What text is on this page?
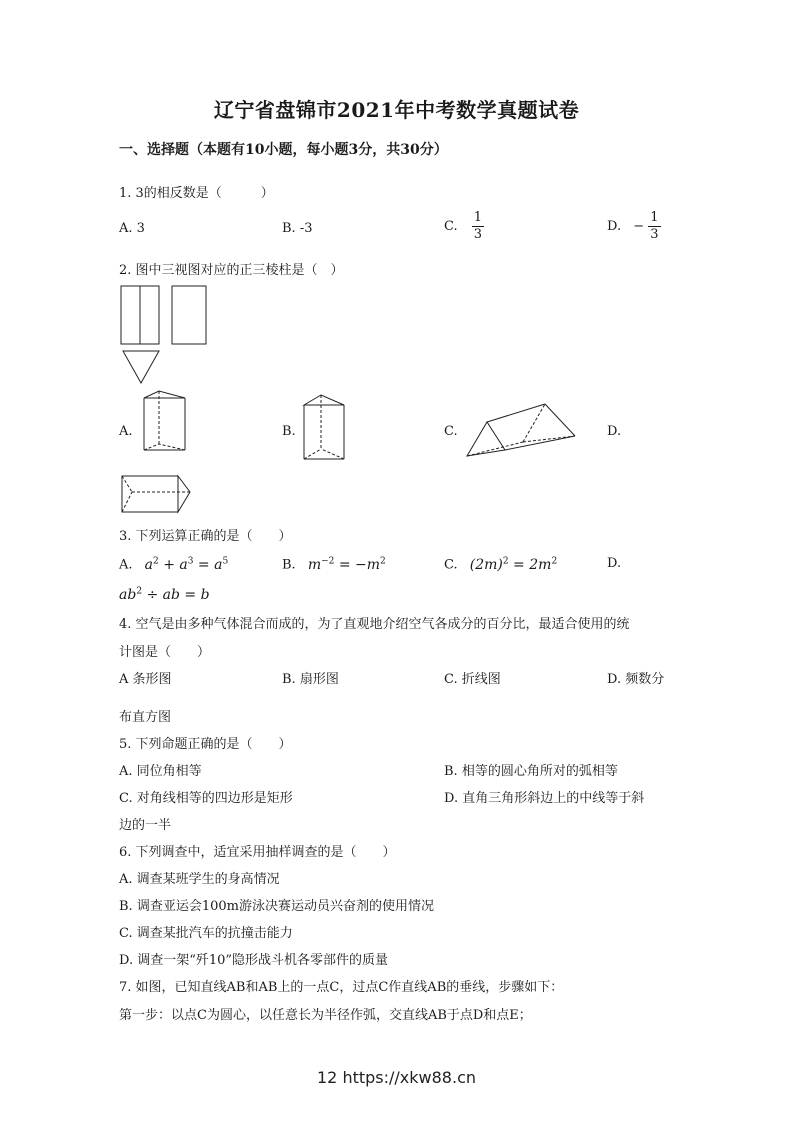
辽宁省盘锦市2021年中考数学真题试卷
一、选择题（本题有10小题，每小题3分，共30分）
1. 3的相反数是（　　　）
A. 3	B. -3	C. $\frac{1}{3}$	D. − $\frac{1}{3}$
2. 图中三视图对应的正三棱柱是（　）
A.	B.	C.	D.
3. 下列运算正确的是（　　）
A. $a^2 + a^3 = a^5$	B. $m^{-2} = -m^2$	C. $(2m)^2 = 2m^2$	D.
$ab^2$ ÷ ab = b
4. 空气是由多种气体混合而成的，为了直观地介绍空气各成分的百分比，最适合使用的统
计图是（　　）
A 条形图	B. 扇形图	C. 折线图	D. 频数分
布直方图
5. 下列命题正确的是（　　）
A. 同位角相等	B. 相等的圆心角所对的弧相等
C. 对角线相等的四边形是矩形	D. 直角三角形斜边上的中线等于斜
边的一半
6. 下列调查中，适宜采用抽样调查的是（　　）
A. 调查某班学生的身高情况
B. 调查亚运会100m游泳决赛运动员兴奋剂的使用情况
C. 调查某批汽车的抗撞击能力
D. 调查一架“歼10”隐形战斗机各零部件的质量
7. 如图，已知直线AB和AB上的一点C，过点C作直线AB的垂线，步骤如下：
第一步：以点C为圆心，以任意长为半径作弧，交直线AB于点D和点E；
12 https://xkw88.cn
